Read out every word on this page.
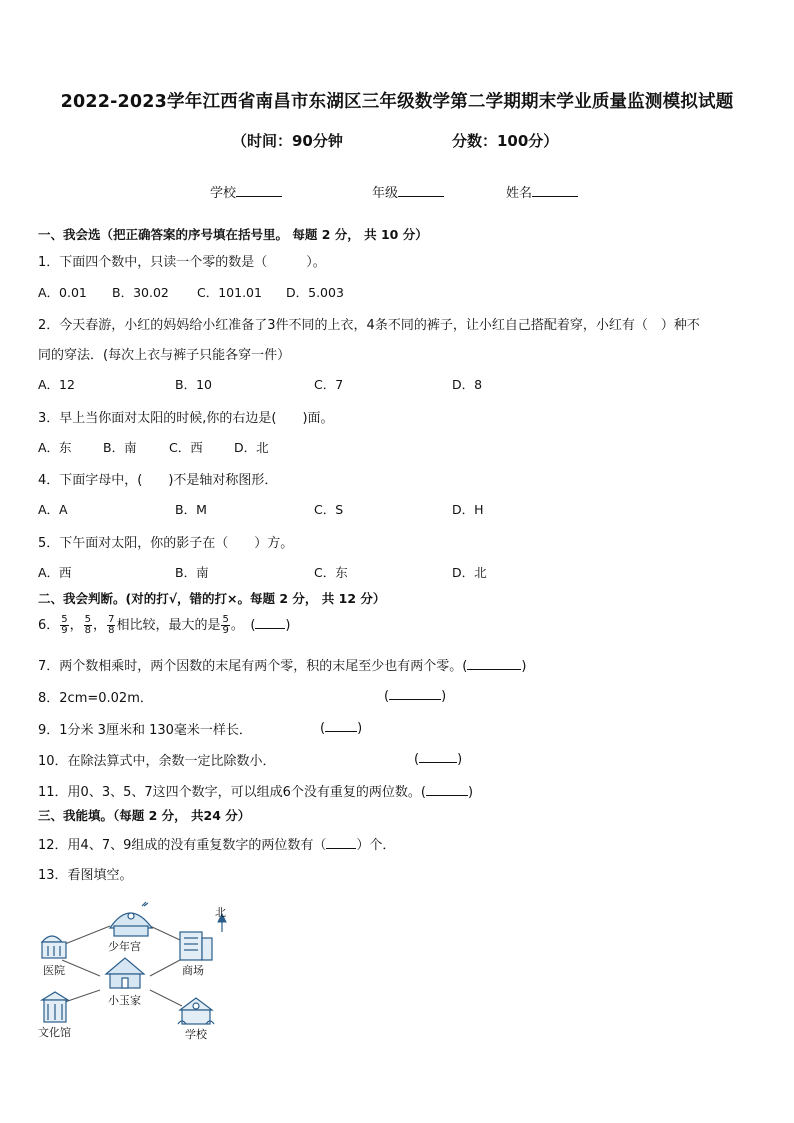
2022-2023学年江西省南昌市东湖区三年级数学第二学期期末学业质量监测模拟试题
（时间：90分钟	分数：100分）
学校	年级	姓名
一、我会选（把正确答案的序号填在括号里。 每题 2 分， 共 10 分）
1．下面四个数中，只读一个零的数是（　　　）。
A．0.01 B．30.02 C．101.01 D．5.003
2．今天春游，小红的妈妈给小红准备了3件不同的上衣，4条不同的裤子，让小红自己搭配着穿，小红有（　）种不
同的穿法．(每次上衣与裤子只能各穿一件）
A．12	B．10	C．7	D．8
3．早上当你面对太阳的时候,你的右边是(　　)面。
A．东	B．南	C．西	D．北
4．下面字母中，(　　)不是轴对称图形．
A．A	B．M	C．S	D．H
5．下午面对太阳，你的影子在（　　）方。
A．西	B．南	C．东	D．北
二、我会判断。(对的打√，错的打×。每题 2 分， 共 12 分）
6． $\frac{5}{9}$ ， $\frac{5}{8}$ ， $\frac{7}{8}$ 相比较，最大的是 $\frac{5}{9}$ 。　( )
7．两个数相乘时，两个因数的末尾有两个零，积的末尾至少也有两个零。(	)
8．2cm=0.02m．	(	)
9．1分米 3厘米和 130毫米一样长．	( )
10．在除法算式中，余数一定比除数小．	(	)
11．用0、3、5、7这四个数字，可以组成6个没有重复的两位数。(	)
三、我能填。（每题 2 分， 共24 分）
12．用4、7、9组成的没有重复数字的两位数有（ ）个．
13．看图填空。
北
少年宫
医院	商场
小玉家
文化馆	学校
